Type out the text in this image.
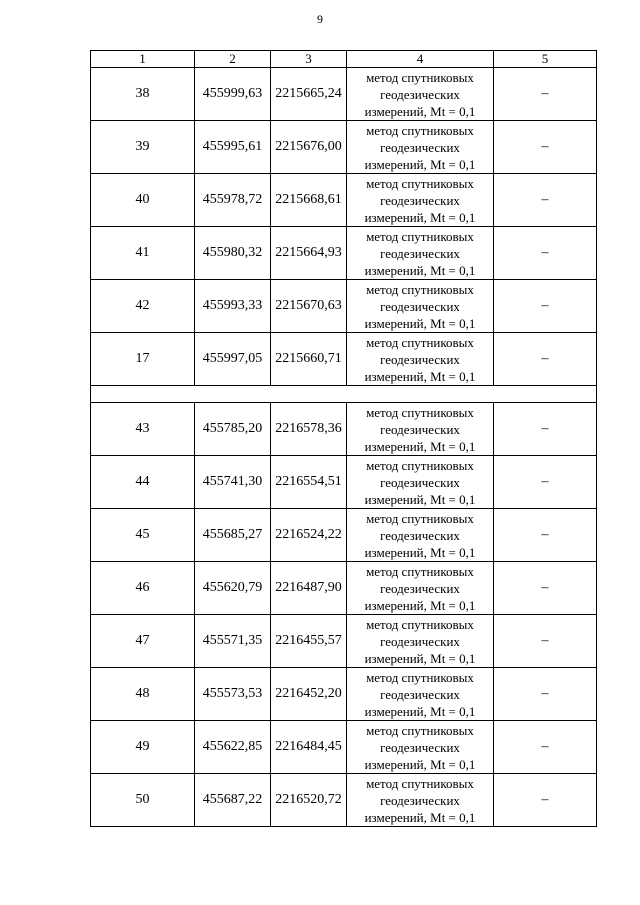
9
1	2	3	4	5
38	455999,63	2215665,24	метод спутниковых
геодезических
измерений, Mt = 0,1	–
39	455995,61	2215676,00	метод спутниковых
геодезических
измерений, Mt = 0,1	–
40	455978,72	2215668,61	метод спутниковых
геодезических
измерений, Mt = 0,1	–
41	455980,32	2215664,93	метод спутниковых
геодезических
измерений, Mt = 0,1	–
42	455993,33	2215670,63	метод спутниковых
геодезических
измерений, Mt = 0,1	–
17	455997,05	2215660,71	метод спутниковых
геодезических
измерений, Mt = 0,1	–

43	455785,20	2216578,36	метод спутниковых
геодезических
измерений, Mt = 0,1	–
44	455741,30	2216554,51	метод спутниковых
геодезических
измерений, Mt = 0,1	–
45	455685,27	2216524,22	метод спутниковых
геодезических
измерений, Mt = 0,1	–
46	455620,79	2216487,90	метод спутниковых
геодезических
измерений, Mt = 0,1	–
47	455571,35	2216455,57	метод спутниковых
геодезических
измерений, Mt = 0,1	–
48	455573,53	2216452,20	метод спутниковых
геодезических
измерений, Mt = 0,1	–
49	455622,85	2216484,45	метод спутниковых
геодезических
измерений, Mt = 0,1	–
50	455687,22	2216520,72	метод спутниковых
геодезических
измерений, Mt = 0,1	–
